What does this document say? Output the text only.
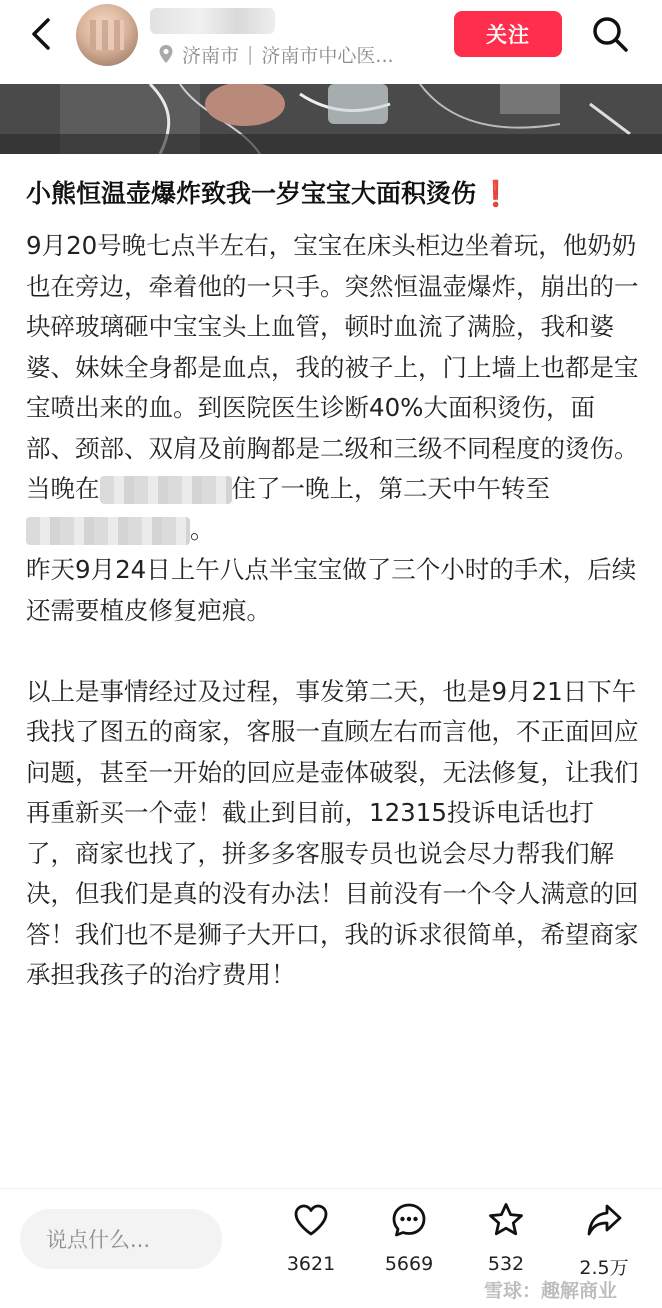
济南市 | 济南市中心医...
关注
小熊恒温壶爆炸致我一岁宝宝大面积烫伤 ❗

9月20号晚七点半左右，宝宝在床头柜边坐着玩，他奶奶也在旁边，牵着他的一只手。突然恒温壶爆炸，崩出的一块碎玻璃砸中宝宝头上血管，顿时血流了满脸，我和婆婆、妹妹全身都是血点，我的被子上，门上墙上也都是宝宝喷出来的血。到医院医生诊断40%大面积烫伤，面部、颈部、双肩及前胸都是二级和三级不同程度的烫伤。

当晚在	住了一晚上，第二天中午转至
。

昨天9月24日上午八点半宝宝做了三个小时的手术，后续还需要植皮修复疤痕。

以上是事情经过及过程，事发第二天，也是9月21日下午我找了图五的商家，客服一直顾左右而言他，不正面回应问题，甚至一开始的回应是壶体破裂，无法修复，让我们再重新买一个壶！截止到目前，12315投诉电话也打了，商家也找了，拼多多客服专员也说会尽力帮我们解决，但我们是真的没有办法！目前没有一个令人满意的回答！我们也不是狮子大开口，我的诉求很简单，希望商家承担我孩子的治疗费用！

说点什么...
3621	5669	532	2.5万
雪球：趣解商业
